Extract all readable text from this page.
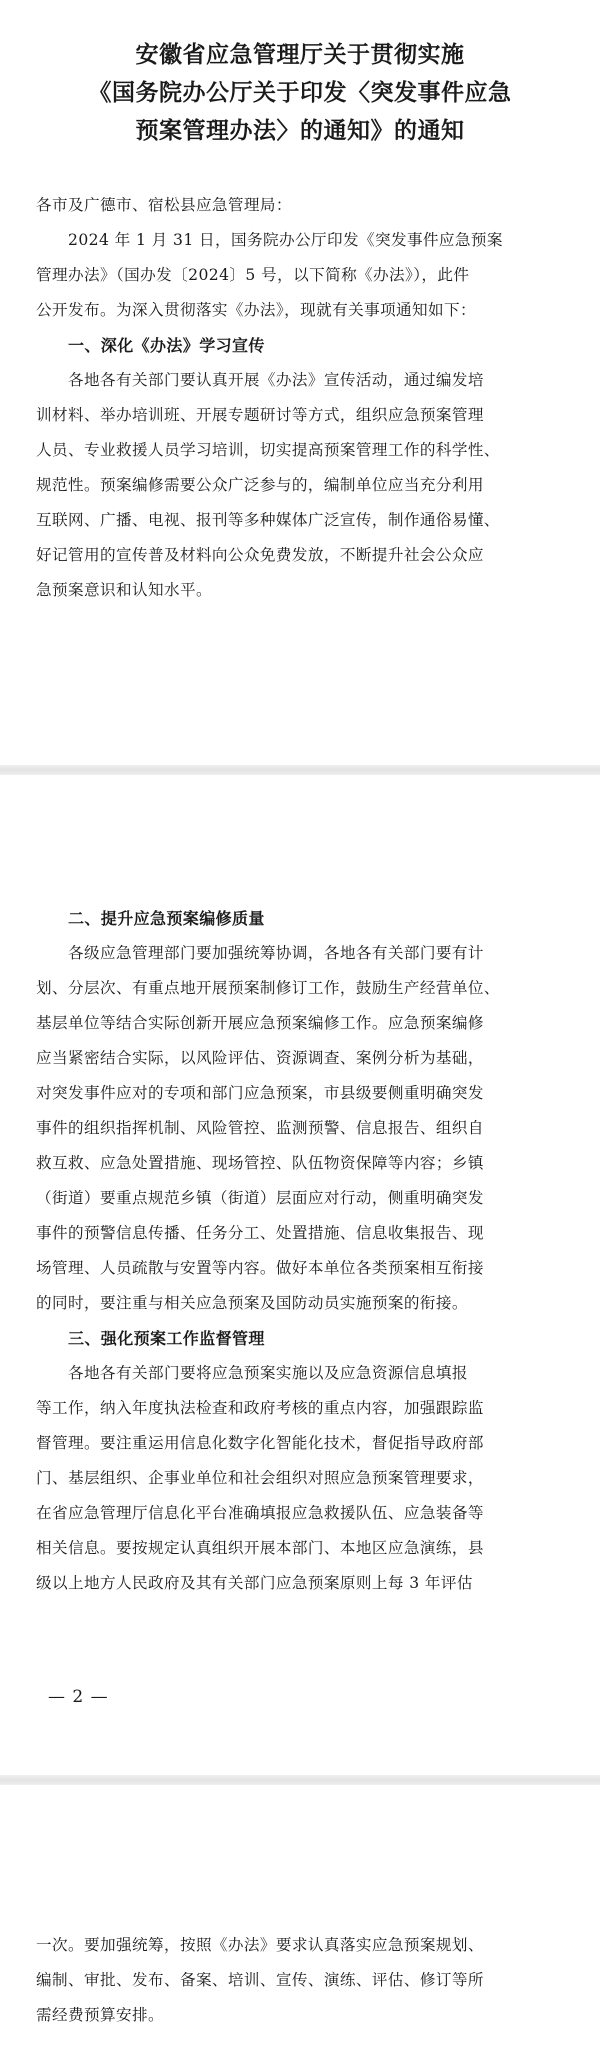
安徽省应急管理厅关于贯彻实施
《国务院办公厅关于印发〈突发事件应急
预案管理办法〉的通知》的通知
各市及广德市、宿松县应急管理局：
2024 年 1 月 31 日，国务院办公厅印发《突发事件应急预案
管理办法》（国办发〔2024〕5 号，以下简称《办法》），此件
公开发布。为深入贯彻落实《办法》，现就有关事项通知如下：
一、深化《办法》学习宣传
各地各有关部门要认真开展《办法》宣传活动，通过编发培
训材料、举办培训班、开展专题研讨等方式，组织应急预案管理
人员、专业救援人员学习培训，切实提高预案管理工作的科学性、
规范性。预案编修需要公众广泛参与的，编制单位应当充分利用
互联网、广播、电视、报刊等多种媒体广泛宣传，制作通俗易懂、
好记管用的宣传普及材料向公众免费发放，不断提升社会公众应
急预案意识和认知水平。
二、提升应急预案编修质量
各级应急管理部门要加强统筹协调，各地各有关部门要有计
划、分层次、有重点地开展预案制修订工作，鼓励生产经营单位、
基层单位等结合实际创新开展应急预案编修工作。应急预案编修
应当紧密结合实际，以风险评估、资源调查、案例分析为基础，
对突发事件应对的专项和部门应急预案，市县级要侧重明确突发
事件的组织指挥机制、风险管控、监测预警、信息报告、组织自
救互救、应急处置措施、现场管控、队伍物资保障等内容；乡镇
（街道）要重点规范乡镇（街道）层面应对行动，侧重明确突发
事件的预警信息传播、任务分工、处置措施、信息收集报告、现
场管理、人员疏散与安置等内容。做好本单位各类预案相互衔接
的同时，要注重与相关应急预案及国防动员实施预案的衔接。
三、强化预案工作监督管理
各地各有关部门要将应急预案实施以及应急资源信息填报
等工作，纳入年度执法检查和政府考核的重点内容，加强跟踪监
督管理。要注重运用信息化数字化智能化技术，督促指导政府部
门、基层组织、企事业单位和社会组织对照应急预案管理要求，
在省应急管理厅信息化平台准确填报应急救援队伍、应急装备等
相关信息。要按规定认真组织开展本部门、本地区应急演练，县
级以上地方人民政府及其有关部门应急预案原则上每 3 年评估
— 2 —
一次。要加强统筹，按照《办法》要求认真落实应急预案规划、
编制、审批、发布、备案、培训、宣传、演练、评估、修订等所
需经费预算安排。
